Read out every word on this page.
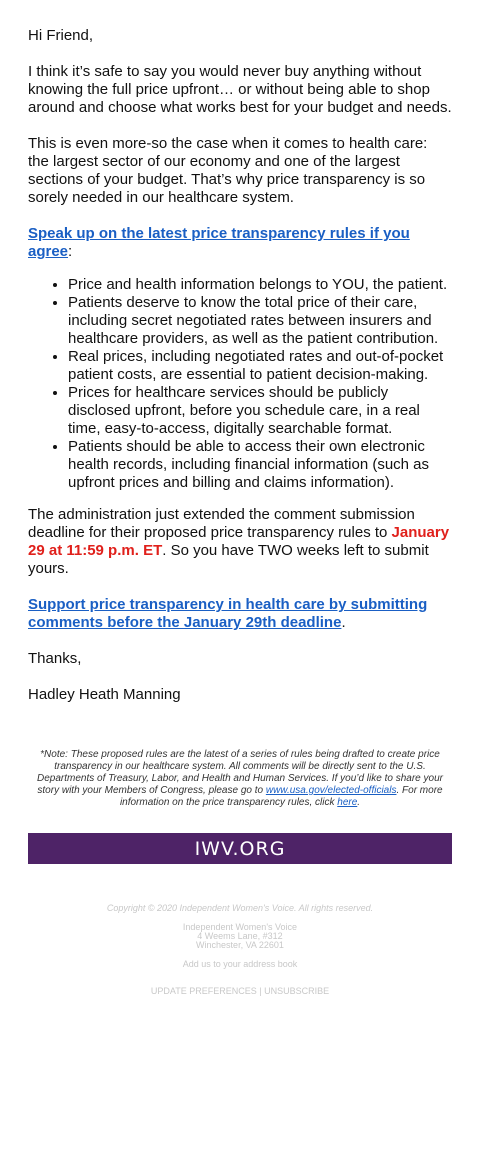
Hi Friend,

I think it’s safe to say you would never buy anything without knowing the full price upfront… or without being able to shop around and choose what works best for your budget and needs.

This is even more-so the case when it comes to health care: the largest sector of our economy and one of the largest sections of your budget. That’s why price transparency is so sorely needed in our healthcare system.

Speak up on the latest price transparency rules if you agree:

• Price and health information belongs to YOU, the patient.
• Patients deserve to know the total price of their care, including secret negotiated rates between insurers and healthcare providers, as well as the patient contribution.
• Real prices, including negotiated rates and out-of-pocket patient costs, are essential to patient decision-making.
• Prices for healthcare services should be publicly disclosed upfront, before you schedule care, in a real time, easy-to-access, digitally searchable format.
• Patients should be able to access their own electronic health records, including financial information (such as upfront prices and billing and claims information).

The administration just extended the comment submission deadline for their proposed price transparency rules to January 29 at 11:59 p.m. ET. So you have TWO weeks left to submit yours.

Support price transparency in health care by submitting comments before the January 29th deadline.

Thanks,

Hadley Heath Manning

*Note: These proposed rules are the latest of a series of rules being drafted to create price transparency in our healthcare system. All comments will be directly sent to the U.S. Departments of Treasury, Labor, and Health and Human Services. If you’d like to share your story with your Members of Congress, please go to www.usa.gov/elected-officials. For more information on the price transparency rules, click here.
IWV.ORG
Copyright © 2020 Independent Women's Voice. All rights reserved.
Independent Women's Voice
4 Weems Lane, #312
Winchester, VA 22601
Add us to your address book
UPDATE PREFERENCES | UNSUBSCRIBE
